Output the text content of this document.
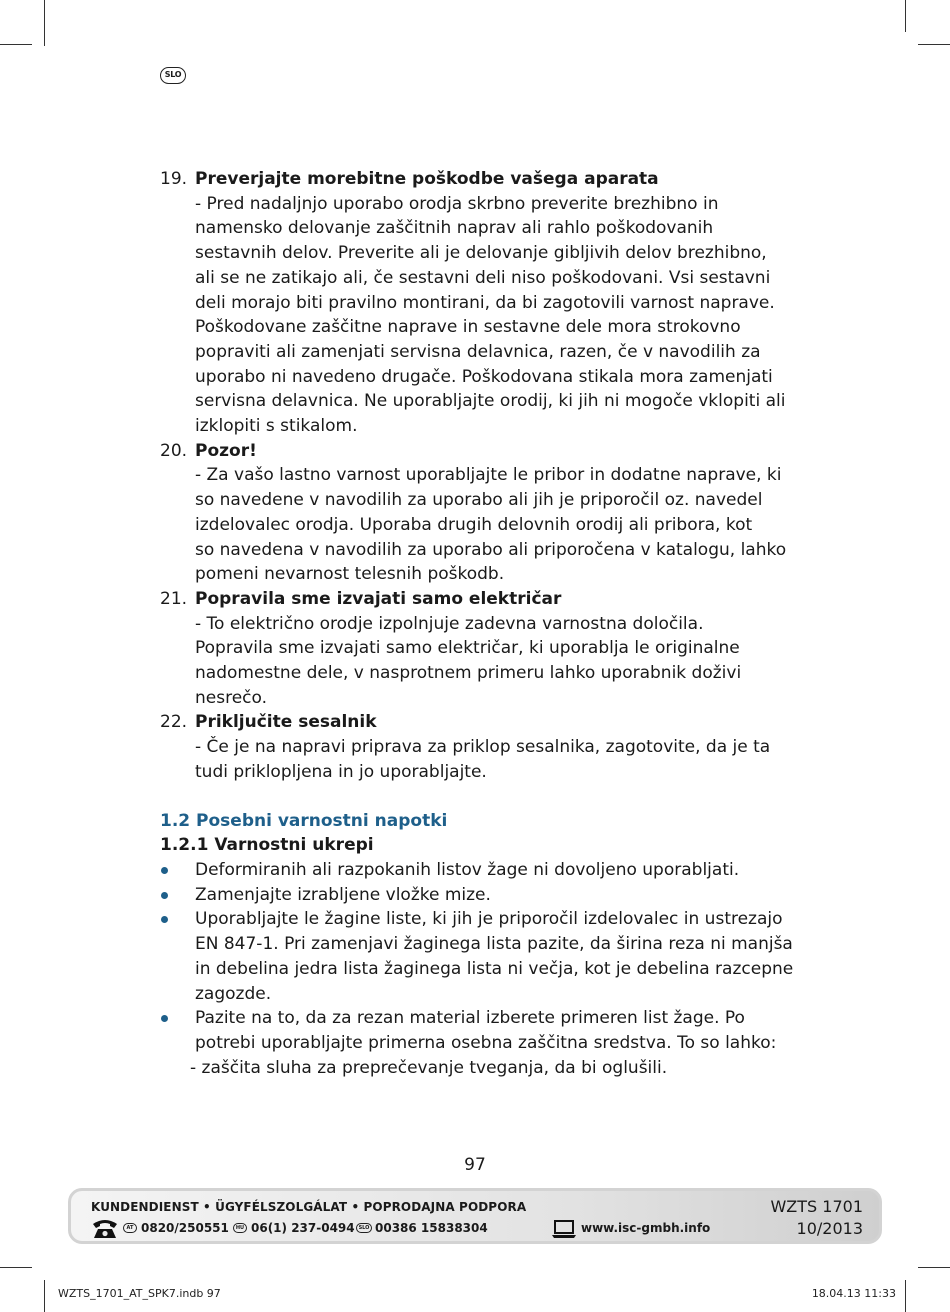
SLO
19. Preverjajte morebitne poškodbe vašega aparata
- Pred nadaljnjo uporabo orodja skrbno preverite brezhibno in
namensko delovanje zaščitnih naprav ali rahlo poškodovanih
sestavnih delov. Preverite ali je delovanje gibljivih delov brezhibno,
ali se ne zatikajo ali, če sestavni deli niso poškodovani. Vsi sestavni
deli morajo biti pravilno montirani, da bi zagotovili varnost naprave.
Poškodovane zaščitne naprave in sestavne dele mora strokovno
popraviti ali zamenjati servisna delavnica, razen, če v navodilih za
uporabo ni navedeno drugače. Poškodovana stikala mora zamenjati
servisna delavnica. Ne uporabljajte orodij, ki jih ni mogoče vklopiti ali
izklopiti s stikalom.
20. Pozor!
- Za vašo lastno varnost uporabljajte le pribor in dodatne naprave, ki
so navedene v navodilih za uporabo ali jih je priporočil oz. navedel
izdelovalec orodja. Uporaba drugih delovnih orodij ali pribora, kot
so navedena v navodilih za uporabo ali priporočena v katalogu, lahko
pomeni nevarnost telesnih poškodb.
21. Popravila sme izvajati samo električar
- To električno orodje izpolnjuje zadevna varnostna določila.
Popravila sme izvajati samo električar, ki uporablja le originalne
nadomestne dele, v nasprotnem primeru lahko uporabnik doživi
nesrečo.
22. Priključite sesalnik
- Če je na napravi priprava za priklop sesalnika, zagotovite, da je ta
tudi priklopljena in jo uporabljajte.
1.2 Posebni varnostni napotki
1.2.1 Varnostni ukrepi
Deformiranih ali razpokanih listov žage ni dovoljeno uporabljati.
Zamenjajte izrabljene vložke mize.
Uporabljajte le žagine liste, ki jih je priporočil izdelovalec in ustrezajo
EN 847-1. Pri zamenjavi žaginega lista pazite, da širina reza ni manjša
in debelina jedra lista žaginega lista ni večja, kot je debelina razcepne
zagozde.
Pazite na to, da za rezan material izberete primeren list žage. Po
potrebi uporabljajte primerna osebna zaščitna sredstva. To so lahko:
- zaščita sluha za preprečevanje tveganja, da bi oglušili.
97
KUNDENDIENST • ÜGYFÉLSZOLGÁLAT • POPRODAJNA PODPORA
AT 0820/250551	HU 06(1) 237-0494 SLO 00386 15838304	www.isc-gmbh.info
WZTS 1701
10/2013
WZTS_1701_AT_SPK7.indb 97	18.04.13 11:33
